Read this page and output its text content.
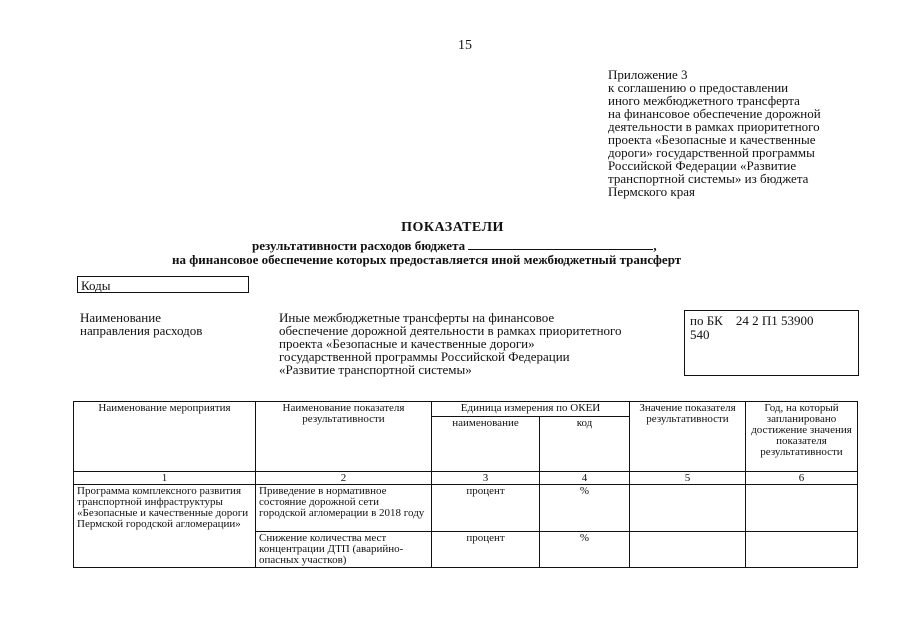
15
Приложение 3
к соглашению о предоставлении
иного межбюджетного трансферта
на финансовое обеспечение дорожной
деятельности в рамках приоритетного
проекта «Безопасные и качественные
дороги» государственной программы
Российской Федерации «Развитие
транспортной системы» из бюджета
Пермского края
ПОКАЗАТЕЛИ
результативности расходов бюджета	,
на финансовое обеспечение которых предоставляется иной межбюджетный трансферт
Коды
Наименование
направления расходов
Иные межбюджетные трансферты на финансовое
обеспечение дорожной деятельности в рамках приоритетного
проекта «Безопасные и качественные дороги»
государственной программы Российской Федерации
«Развитие транспортной системы»
по БК    24 2 П1 53900
540
Наименование мероприятия	Наименование показателя результативности	Единица измерения по ОКЕИ		Значение показателя результативности	Год, на который запланировано достижение значения показателя результативности
		наименование	код		
1	2	3	4	5	6
Программа комплексного развития транспортной инфраструктуры «Безопасные и качественные дороги Пермской городской агломерации»	Приведение в нормативное состояние дорожной сети городской агломерации в 2018 году	процент	%		
	Снижение количества мест концентрации ДТП (аварийно-опасных участков)	процент	%		
